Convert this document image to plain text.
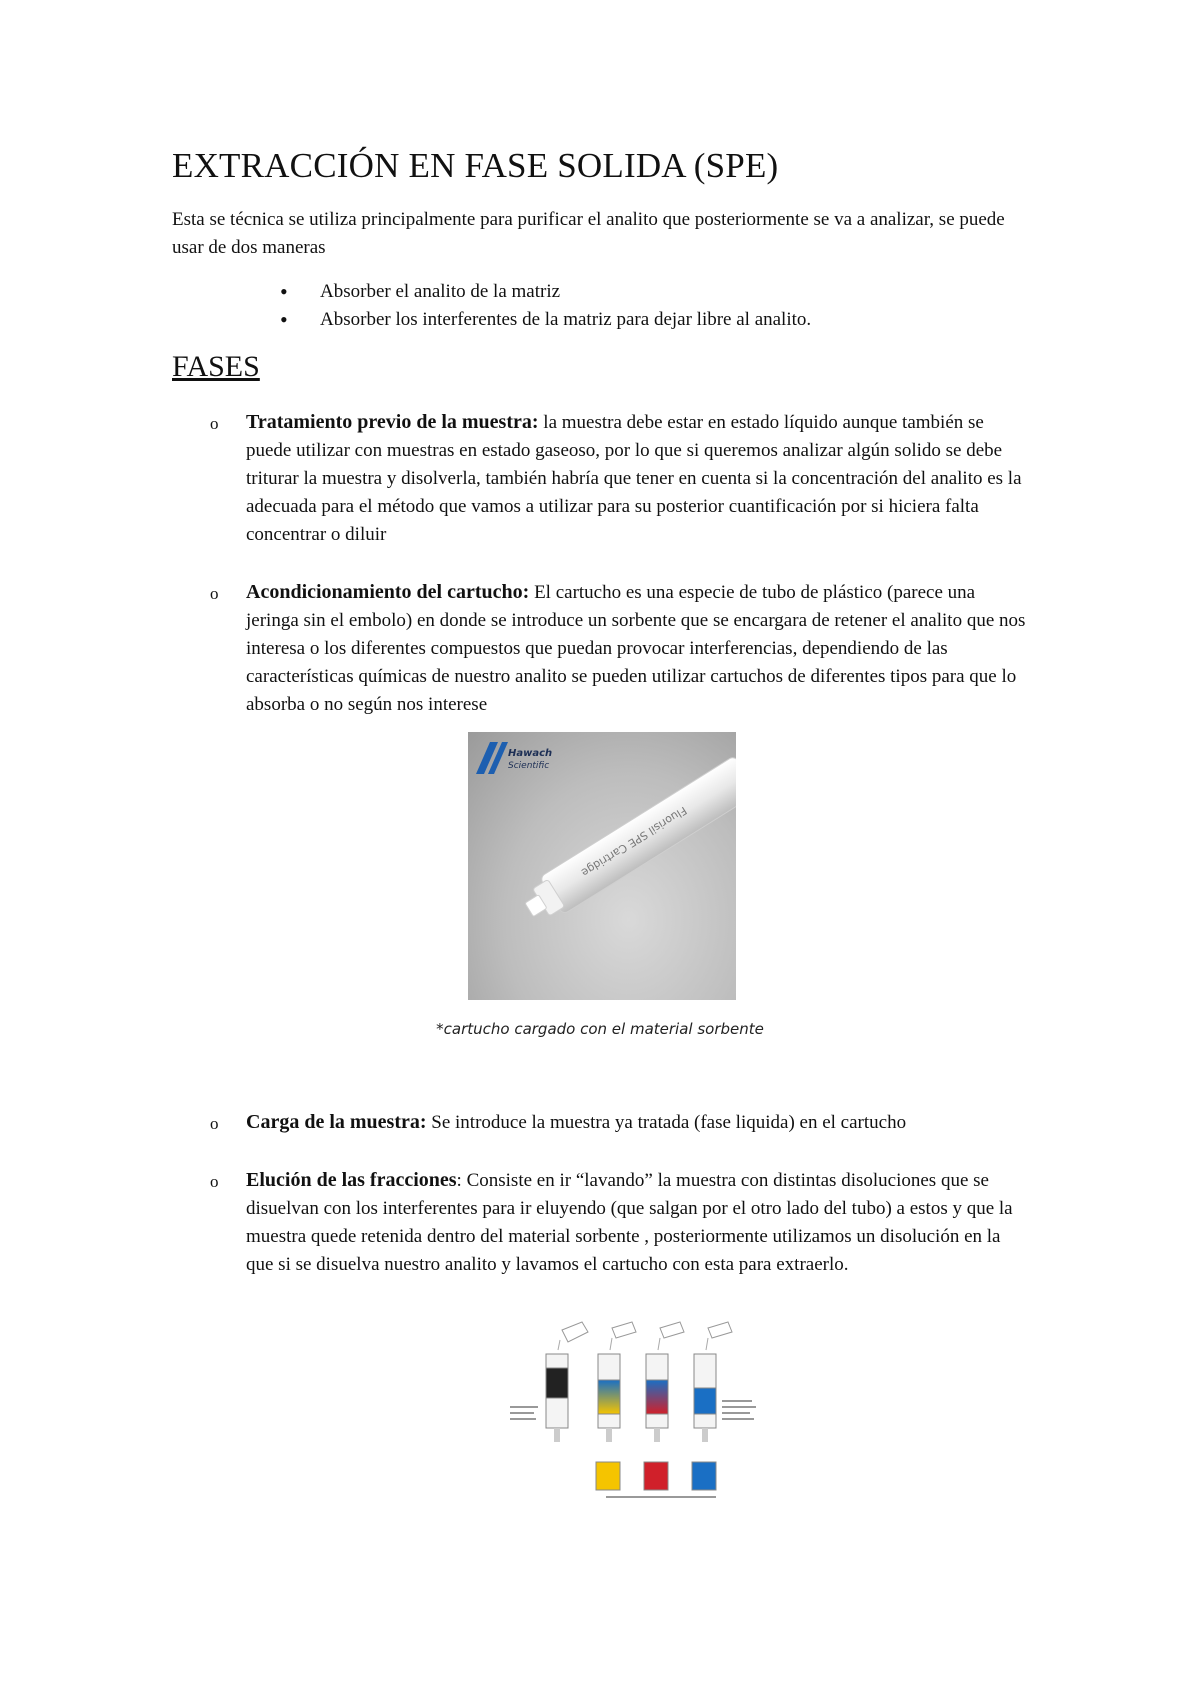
EXTRACCIÓN EN FASE SOLIDA (SPE)

Esta se técnica se utiliza principalmente para purificar el analito que posteriormente se va a analizar, se puede usar de dos maneras

• Absorber el analito de la matriz
• Absorber los interferentes de la matriz para dejar libre al analito.
FASES
o Tratamiento previo de la muestra: la muestra debe estar en estado líquido aunque también se puede utilizar con muestras en estado gaseoso, por lo que si queremos analizar algún solido se debe triturar la muestra y disolverla, también habría que tener en cuenta si la concentración del analito es la adecuada para el método que vamos a utilizar para su posterior cuantificación por si hiciera falta concentrar o diluir
o Acondicionamiento del cartucho: El cartucho es una especie de tubo de plástico (parece una jeringa sin el embolo) en donde se introduce un sorbente que se encargara de retener el analito que nos interesa o los diferentes compuestos que puedan provocar interferencias, dependiendo de las características químicas de nuestro analito se pueden utilizar cartuchos de diferentes tipos para que lo absorba o no según nos interese
Fluorisil SPE Cartridge
Hawach
Scientific
*cartucho cargado con el material sorbente
o Carga de la muestra: Se introduce la muestra ya tratada (fase liquida) en el cartucho
o Elución de las fracciones: Consiste en ir “lavando” la muestra con distintas disoluciones que se disuelvan con los interferentes para ir eluyendo (que salgan por el otro lado del tubo) a estos y que la muestra quede retenida dentro del material sorbente , posteriormente utilizamos un disolución en la que si se disuelva nuestro analito y lavamos el cartucho con esta para extraerlo.
